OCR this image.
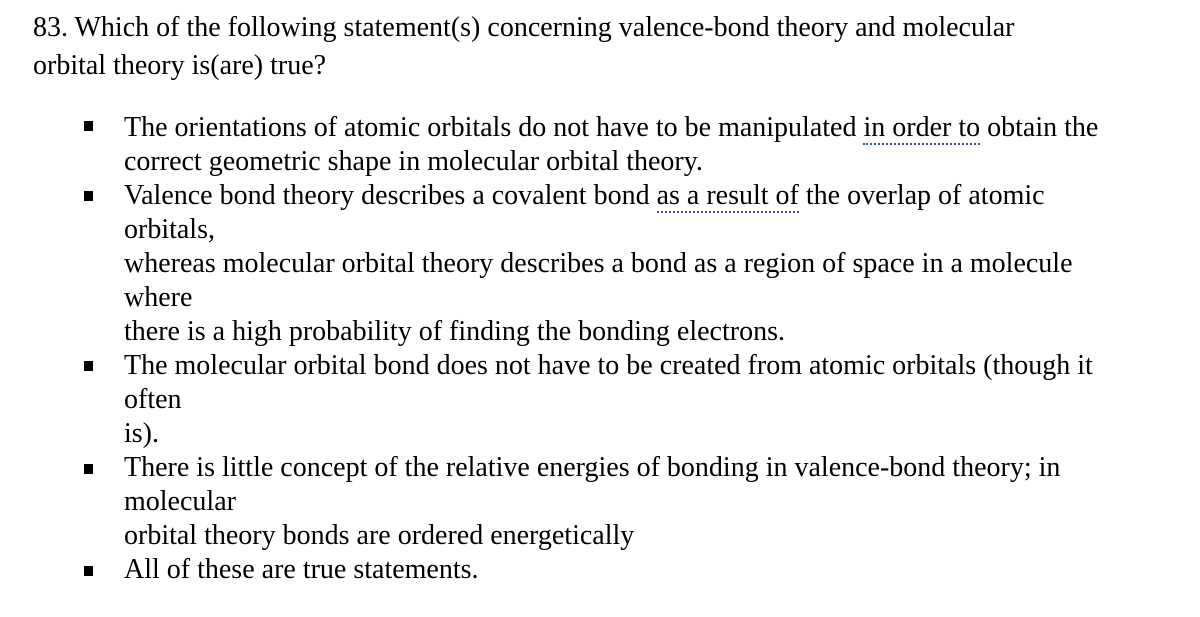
83. Which of the following statement(s) concerning valence-bond theory and molecular
orbital theory is(are) true?
The orientations of atomic orbitals do not have to be manipulated in order to obtain the
correct geometric shape in molecular orbital theory.
Valence bond theory describes a covalent bond as a result of the overlap of atomic
orbitals,
whereas molecular orbital theory describes a bond as a region of space in a molecule
where
there is a high probability of finding the bonding electrons.
The molecular orbital bond does not have to be created from atomic orbitals (though it
often
is).
There is little concept of the relative energies of bonding in valence-bond theory; in
molecular
orbital theory bonds are ordered energetically
All of these are true statements.
